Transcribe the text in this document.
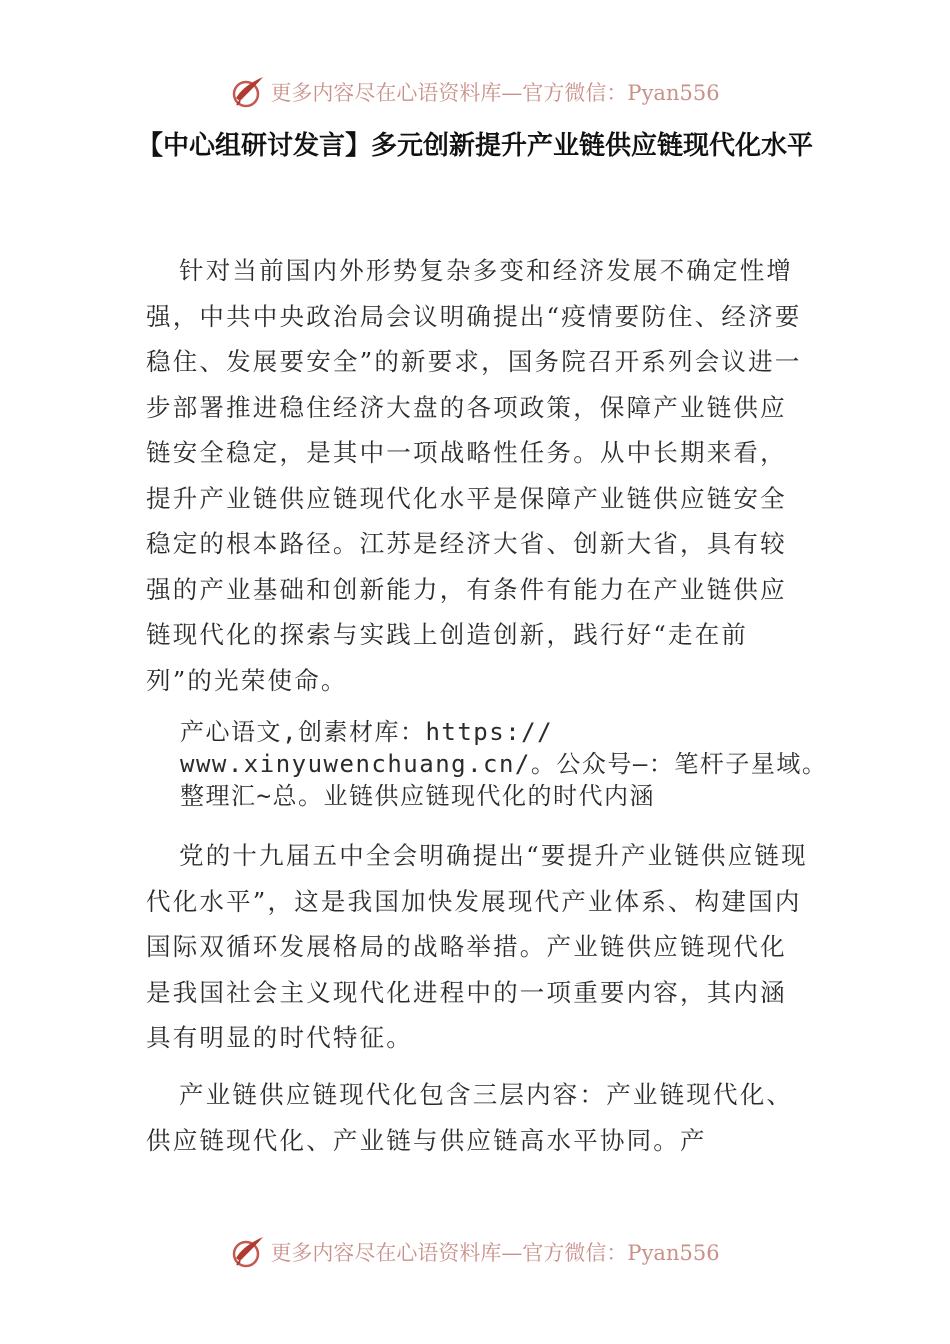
更多内容尽在心语资料库—官方微信：Pyan556
【中心组研讨发言】多元创新提升产业链供应链现代化水平

针对当前国内外形势复杂多变和经济发展不确定性增强，中共中央政治局会议明确提出“疫情要防住、经济要稳住、发展要安全”的新要求，国务院召开系列会议进一步部署推进稳住经济大盘的各项政策，保障产业链供应链安全稳定，是其中一项战略性任务。从中长期来看，提升产业链供应链现代化水平是保障产业链供应链安全稳定的根本路径。江苏是经济大省、创新大省，具有较强的产业基础和创新能力，有条件有能力在产业链供应链现代化的探索与实践上创造创新，践行好“走在前列”的光荣使命。

产心语文,创素材库：https:// www.xinyuwenchuang.cn/。公众号—：笔杆子星域。整理汇~总。业链供应链现代化的时代内涵

党的十九届五中全会明确提出“要提升产业链供应链现代化水平”，这是我国加快发展现代产业体系、构建国内国际双循环发展格局的战略举措。产业链供应链现代化是我国社会主义现代化进程中的一项重要内容，其内涵具有明显的时代特征。

产业链供应链现代化包含三层内容：产业链现代化、供应链现代化、产业链与供应链高水平协同。产

更多内容尽在心语资料库—官方微信：Pyan556
